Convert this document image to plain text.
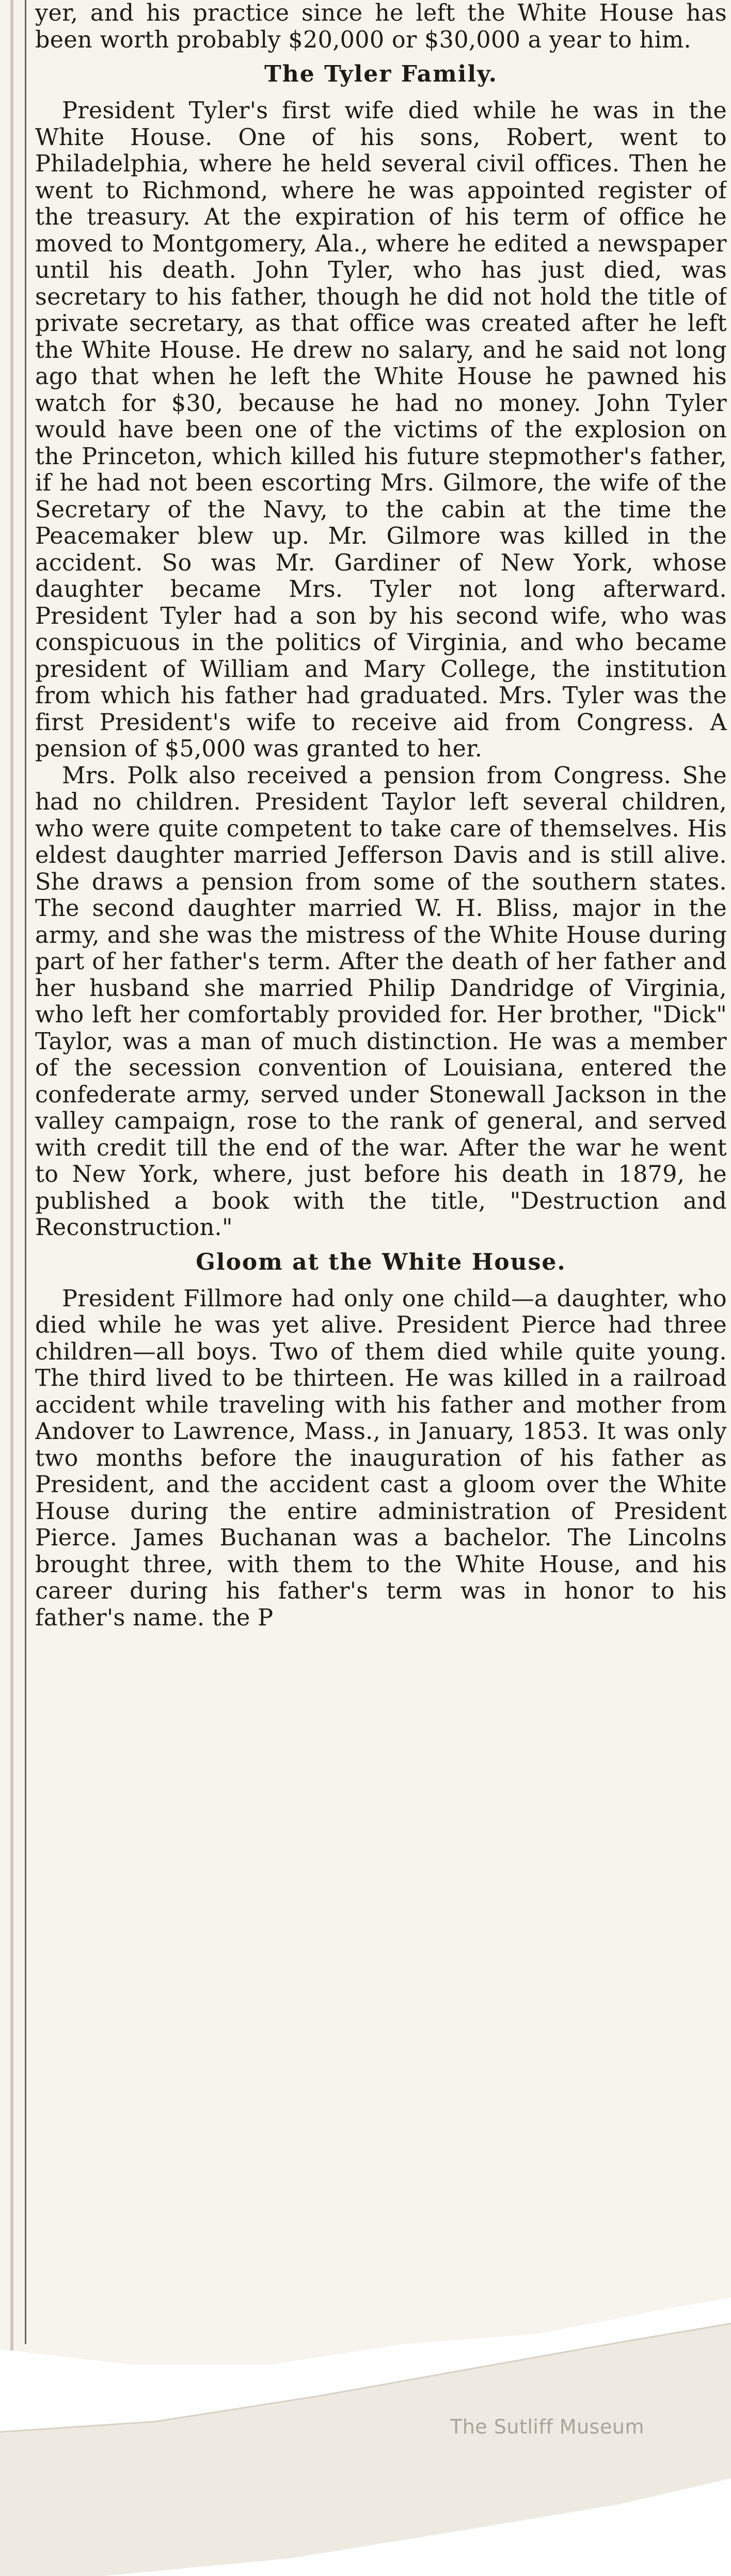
yer, and his practice since he left the White House has been worth probably $20,000 or $30,000 a year to him.

The Tyler Family.

President Tyler's first wife died while he was in the White House. One of his sons, Robert, went to Philadelphia, where he held several civil offices. Then he went to Richmond, where he was appointed register of the treasury. At the expiration of his term of office he moved to Montgomery, Ala., where he edited a newspaper until his death. John Tyler, who has just died, was secretary to his father, though he did not hold the title of private secretary, as that office was created after he left the White House. He drew no salary, and he said not long ago that when he left the White House he pawned his watch for $30, because he had no money. John Tyler would have been one of the victims of the explosion on the Princeton, which killed his future stepmother's father, if he had not been escorting Mrs. Gilmore, the wife of the Secretary of the Navy, to the cabin at the time the Peacemaker blew up. Mr. Gilmore was killed in the accident. So was Mr. Gardiner of New York, whose daughter became Mrs. Tyler not long afterward. President Tyler had a son by his second wife, who was conspicuous in the politics of Virginia, and who became president of William and Mary College, the institution from which his father had graduated. Mrs. Tyler was the first President's wife to receive aid from Congress. A pension of $5,000 was granted to her.

Mrs. Polk also received a pension from Congress. She had no children. President Taylor left several children, who were quite competent to take care of themselves. His eldest daughter married Jefferson Davis and is still alive. She draws a pension from some of the southern states. The second daughter married W. H. Bliss, major in the army, and she was the mistress of the White House during part of her father's term. After the death of her father and her husband she married Philip Dandridge of Virginia, who left her comfortably provided for. Her brother, "Dick" Taylor, was a man of much distinction. He was a member of the secession convention of Louisiana, entered the confederate army, served under Stonewall Jackson in the valley campaign, rose to the rank of general, and served with credit till the end of the war. After the war he went to New York, where, just before his death in 1879, he published a book with the title, "Destruction and Reconstruction."

Gloom at the White House.

President Fillmore had only one child—a daughter, who died while he was yet alive. President Pierce had three children—all boys. Two of them died while quite young. The third lived to be thirteen. He was killed in a railroad accident while traveling with his father and mother from Andover to Lawrence, Mass., in January, 1853. It was only two months before the inauguration of his father as President, and the accident cast a gloom over the White House during the entire administration of President Pierce. James Buchanan was a bachelor. The Lincolns brought three, with them to the White House, and his career during his father's term was in honor to his father's name. the P

The Sutliff Museum
